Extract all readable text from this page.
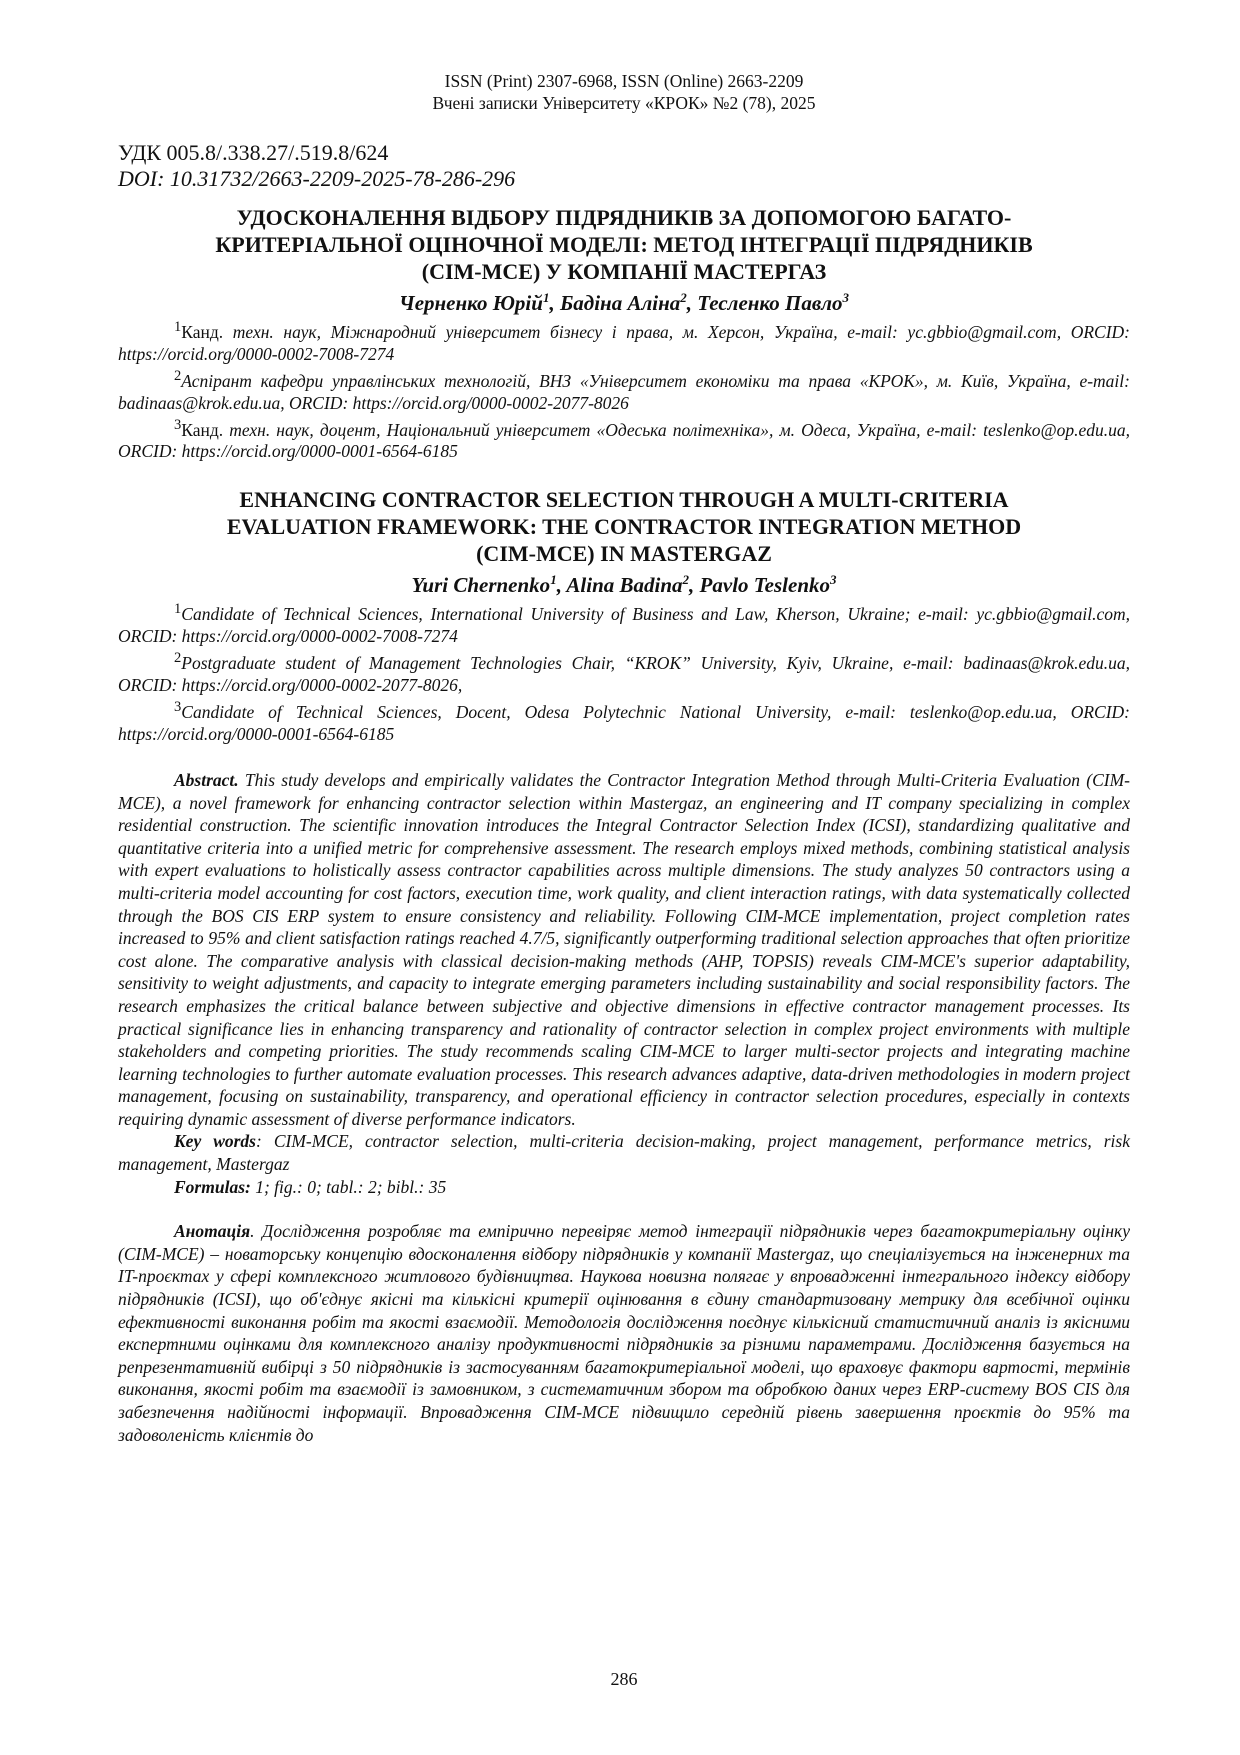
ISSN (Print) 2307-6968, ISSN (Online) 2663-2209
Вчені записки Університету «КРОК» №2 (78), 2025
УДК 005.8/.338.27/.519.8/624
DOI: 10.31732/2663-2209-2025-78-286-296
УДОСКОНАЛЕННЯ ВІДБОРУ ПІДРЯДНИКІВ ЗА ДОПОМОГОЮ БАГАТО-
КРИТЕРІАЛЬНОЇ ОЦІНОЧНОЇ МОДЕЛІ: МЕТОД ІНТЕГРАЦІЇ ПІДРЯДНИКІВ
(CIM-MCE) У КОМПАНІЇ МАСТЕРГАЗ
Черненко Юрій$^1$, Бадіна Аліна$^2$, Тесленко Павло$^3$

$^1$Канд. техн. наук, Міжнародний університет бізнесу і права, м. Херсон, Україна, e-mail: yc.gbbio@gmail.com, ORCID: https://orcid.org/0000-0002-7008-7274

$^2$Аспірант кафедри управлінських технологій, ВНЗ «Університет економіки та права «КРОК», м. Київ, Україна, e-mail: badinaas@krok.edu.ua, ORCID: https://orcid.org/0000-0002-2077-8026

$^3$Канд. техн. наук, доцент, Національний університет «Одеська політехніка», м. Одеса, Україна, e-mail: teslenko@op.edu.ua, ORCID: https://orcid.org/0000-0001-6564-6185

ENHANCING CONTRACTOR SELECTION THROUGH A MULTI-CRITERIA
EVALUATION FRAMEWORK: THE CONTRACTOR INTEGRATION METHOD
(CIM-MCE) IN MASTERGAZ
Yuri Chernenko$^1$, Alina Badina$^2$, Pavlo Teslenko$^3$

$^1$Candidate of Technical Sciences, International University of Business and Law, Kherson, Ukraine; e-mail: yc.gbbio@gmail.com, ORCID: https://orcid.org/0000-0002-7008-7274

$^2$Postgraduate student of Management Technologies Chair, “KROK” University, Kyiv, Ukraine, e-mail: badinaas@krok.edu.ua, ORCID: https://orcid.org/0000-0002-2077-8026,

$^3$Candidate of Technical Sciences, Docent, Odesa Polytechnic National University, e-mail: teslenko@op.edu.ua, ORCID: https://orcid.org/0000-0001-6564-6185

Abstract. This study develops and empirically validates the Contractor Integration Method through Multi-Criteria Evaluation (CIM-MCE), a novel framework for enhancing contractor selection within Mastergaz, an engineering and IT company specializing in complex residential construction. The scientific innovation introduces the Integral Contractor Selection Index (ICSI), standardizing qualitative and quantitative criteria into a unified metric for comprehensive assessment. The research employs mixed methods, combining statistical analysis with expert evaluations to holistically assess contractor capabilities across multiple dimensions. The study analyzes 50 contractors using a multi-criteria model accounting for cost factors, execution time, work quality, and client interaction ratings, with data systematically collected through the BOS CIS ERP system to ensure consistency and reliability. Following CIM-MCE implementation, project completion rates increased to 95% and client satisfaction ratings reached 4.7/5, significantly outperforming traditional selection approaches that often prioritize cost alone. The comparative analysis with classical decision-making methods (AHP, TOPSIS) reveals CIM-MCE's superior adaptability, sensitivity to weight adjustments, and capacity to integrate emerging parameters including sustainability and social responsibility factors. The research emphasizes the critical balance between subjective and objective dimensions in effective contractor management processes. Its practical significance lies in enhancing transparency and rationality of contractor selection in complex project environments with multiple stakeholders and competing priorities. The study recommends scaling CIM-MCE to larger multi-sector projects and integrating machine learning technologies to further automate evaluation processes. This research advances adaptive, data-driven methodologies in modern project management, focusing on sustainability, transparency, and operational efficiency in contractor selection procedures, especially in contexts requiring dynamic assessment of diverse performance indicators.

Key words: CIM-MCE, contractor selection, multi-criteria decision-making, project management, performance metrics, risk management, Mastergaz

Formulas: 1; fig.: 0; tabl.: 2; bibl.: 35

Анотація. Дослідження розробляє та емпірично перевіряє метод інтеграції підрядників через багатокритеріальну оцінку (CIM-MCE) – новаторську концепцію вдосконалення відбору підрядників у компанії Mastergaz, що спеціалізується на інженерних та IT-проєктах у сфері комплексного житлового будівництва. Наукова новизна полягає у впровадженні інтегрального індексу відбору підрядників (ICSI), що об'єднує якісні та кількісні критерії оцінювання в єдину стандартизовану метрику для всебічної оцінки ефективності виконання робіт та якості взаємодії. Методологія дослідження поєднує кількісний статистичний аналіз із якісними експертними оцінками для комплексного аналізу продуктивності підрядників за різними параметрами. Дослідження базується на репрезентативній вибірці з 50 підрядників із застосуванням багатокритеріальної моделі, що враховує фактори вартості, термінів виконання, якості робіт та взаємодії із замовником, з систематичним збором та обробкою даних через ERP-систему BOS CIS для забезпечення надійності інформації. Впровадження CIM-MCE підвищило середній рівень завершення проєктів до 95% та задоволеність клієнтів до

286
